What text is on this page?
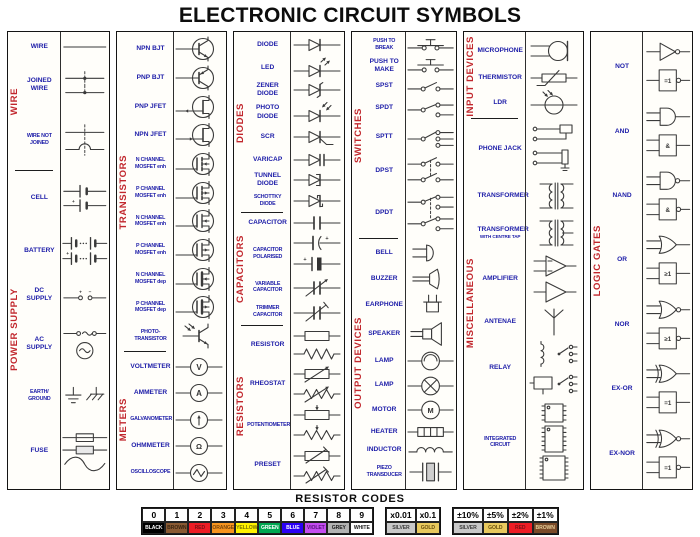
ELECTRONIC CIRCUIT SYMBOLS
WIRE
WIRE
JOINED WIRE
WIRE NOT JOINED
POWER SUPPLY
CELL
+
BATTERY
+
DC SUPPLY
+ −
AC SUPPLY
EARTH/ GROUND
FUSE
TRANSISTORS
NPN BJT
PNP BJT
PNP JFET
NPN JFET
N CHANNEL MOSFET enh
P CHANNEL MOSFET enh
N CHANNEL MOSFET enh
P CHANNEL MOSFET enh
N CHANNEL MOSFET dep
P CHANNEL MOSFET dep
PHOTO- TRANSISTOR
METERS
VOLTMETER	V
AMMETER	A
GALVANOMETER
OHMMETER	Ω
OSCILLOSCOPE
DIODES
DIODE
LED
ZENER DIODE
PHOTO DIODE
SCR
VARICAP
TUNNEL DIODE
SCHOTTKY DIODE
CAPACITORS
CAPACITOR
CAPACITOR POLARISED
+
+
VARIABLE CAPACITOR
TRIMMER CAPACITOR
RESISTORS
RESISTOR
RHEOSTAT
POTENTIOMETER
PRESET
SWITCHES
PUSH TO BREAK
PUSH TO MAKE
SPST
SPDT
SPTT
DPST
DPDT
OUTPUT DEVICES
BELL
BUZZER
EARPHONE
SPEAKER
LAMP
LAMP
MOTOR	M
HEATER
INDUCTOR
PIEZO TRANSDUCER
INPUT DEVICES MICROPHONE
THERMISTOR
LDR
MISCELLANEOUS
PHONE JACK
TRANSFORMER
TRANSFORMER
WITH CENTRE TAP
AMPLIFIER
ANTENAE
RELAY
INTEGRATED CIRCUIT
LOGIC GATES
NOT
=1
AND
&
NAND
&
OR
≥1
NOR
≥1
EX-OR
=1
EX-NOR
=1
RESISTOR CODES
0
BLACK
1
BROWN
2
RED
3
ORANGE
4
YELLOW
5
GREEN
6
BLUE
7
VIOLET
8
GREY
9
WHITE
x0.01
SILVER
x0.1
GOLD
±10%
SILVER
±5%
GOLD
±2%
RED
±1%
BROWN
